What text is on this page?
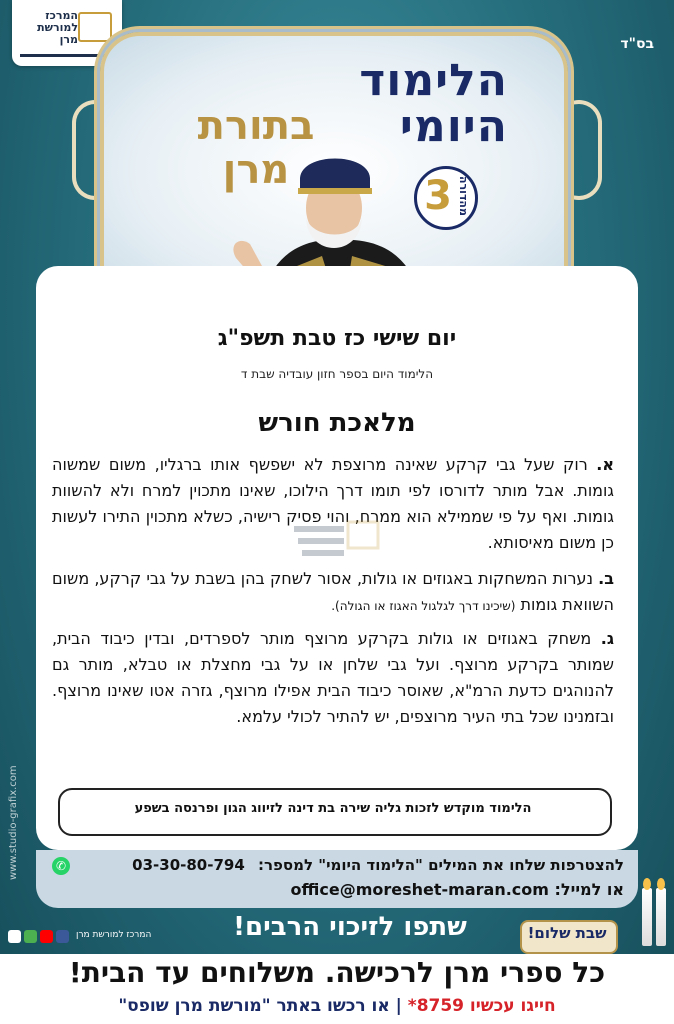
המרכז למורשת מרן	בס"ד
הלימוד
היומי
בתורת
מרן
3 מהדורה
יום שישי כז טבת תשפ"ג
הלימוד היום בספר חזון עובדיה שבת ד
מלאכת חורש
א. רוק שעל גבי קרקע שאינה מרוצפת לא ישפשף אותו ברגליו, משום שמשוה גומות. אבל מותר לדורסו לפי תומו דרך הילוכו, שאינו מתכוין למרח ולא להשוות גומות. ואף על פי שממילא הוא ממרח, והוי פסיק רישיה, כשלא מתכוין התירו לעשות כן משום מאיסותא.
ב. נערות המשחקות באגוזים או גולות, אסור לשחק בהן בשבת על גבי קרקע, משום השוואת גומות (שיכינו דרך לגלגול האגוז או הגולה).
ג. משחק באגוזים או גולות בקרקע מרוצף מותר לספרדים, ובדין כיבוד הבית, שמותר בקרקע מרוצף. ועל גבי שלחן או על גבי מחצלת או טבלא, מותר גם להנוהגים כדעת הרמ"א, שאוסר כיבוד הבית אפילו מרוצף, גזרה אטו שאינו מרוצף. ובזמנינו שכל בתי העיר מרוצפים, יש להתיר לכולי עלמא.
הלימוד מוקדש לזכות גליה שירה בת דינה לזיווג הגון ופרנסה בשפע
להצטרפות שלחו את המילים "הלימוד היומי" למספר: 03-30-80-794
✆
או למייל: office@moreshet-maran.com
www.studio-grafix.com
שתפו לזיכוי הרבים!
המרכז למורשת מרן	שבת שלום!
כל ספרי מרן לרכישה. משלוחים עד הבית!
חייגו עכשיו 8759* | או רכשו באתר "מורשת מרן שופס"
